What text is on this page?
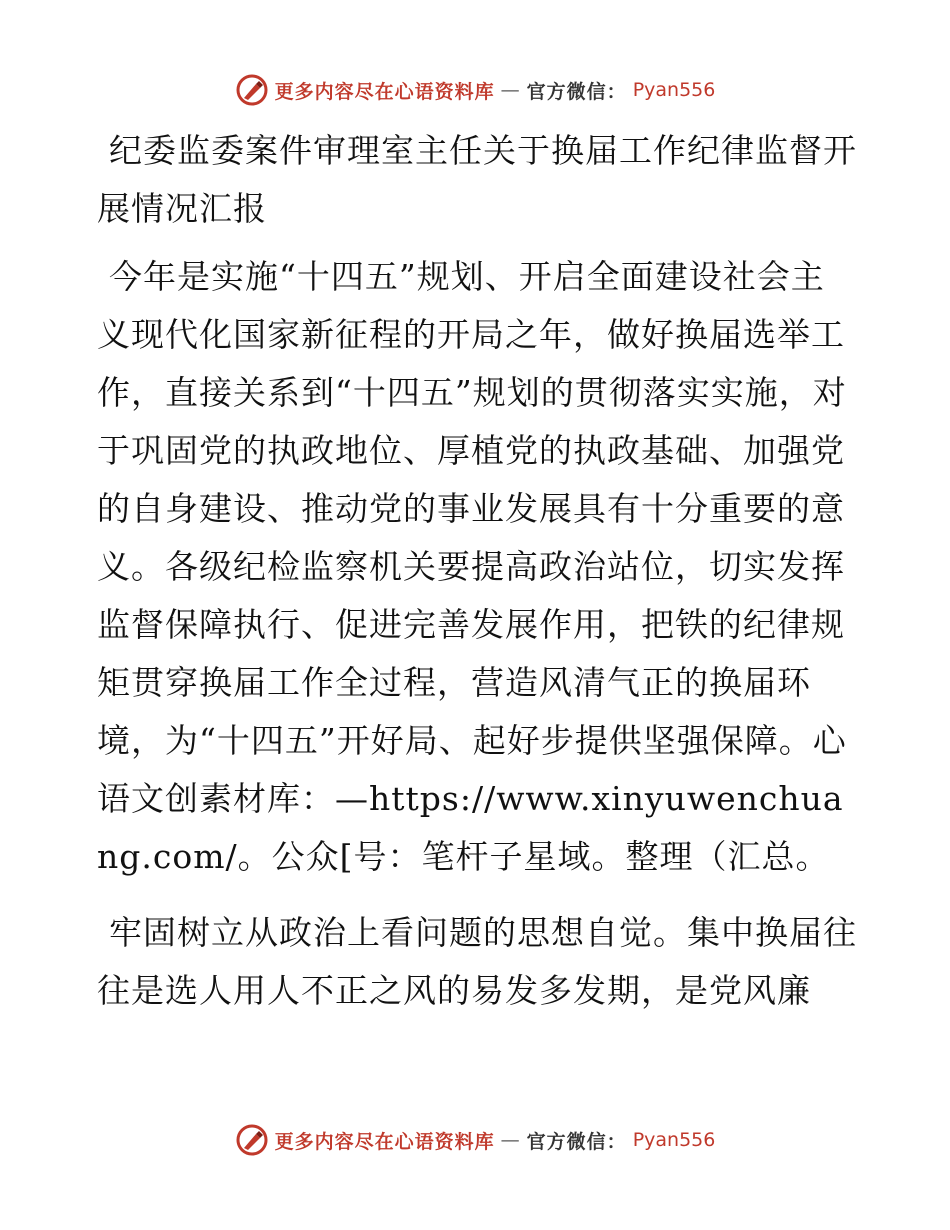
更多内容尽在心语资料库 — 官方微信： Pyan556

纪委监委案件审理室主任关于换届工作纪律监督开展情况汇报

今年是实施“十四五”规划、开启全面建设社会主义现代化国家新征程的开局之年，做好换届选举工作，直接关系到“十四五”规划的贯彻落实实施，对于巩固党的执政地位、厚植党的执政基础、加强党的自身建设、推动党的事业发展具有十分重要的意义。各级纪检监察机关要提高政治站位，切实发挥监督保障执行、促进完善发展作用，把铁的纪律规矩贯穿换届工作全过程，营造风清气正的换届环境，为“十四五”开好局、起好步提供坚强保障。心语文创素材库：—https://www.xinyuwenchuang.com/。公众[号：笔杆子星域。整理（汇总。

牢固树立从政治上看问题的思想自觉。集中换届往往是选人用人不正之风的易发多发期，是党风廉

更多内容尽在心语资料库 — 官方微信： Pyan556
